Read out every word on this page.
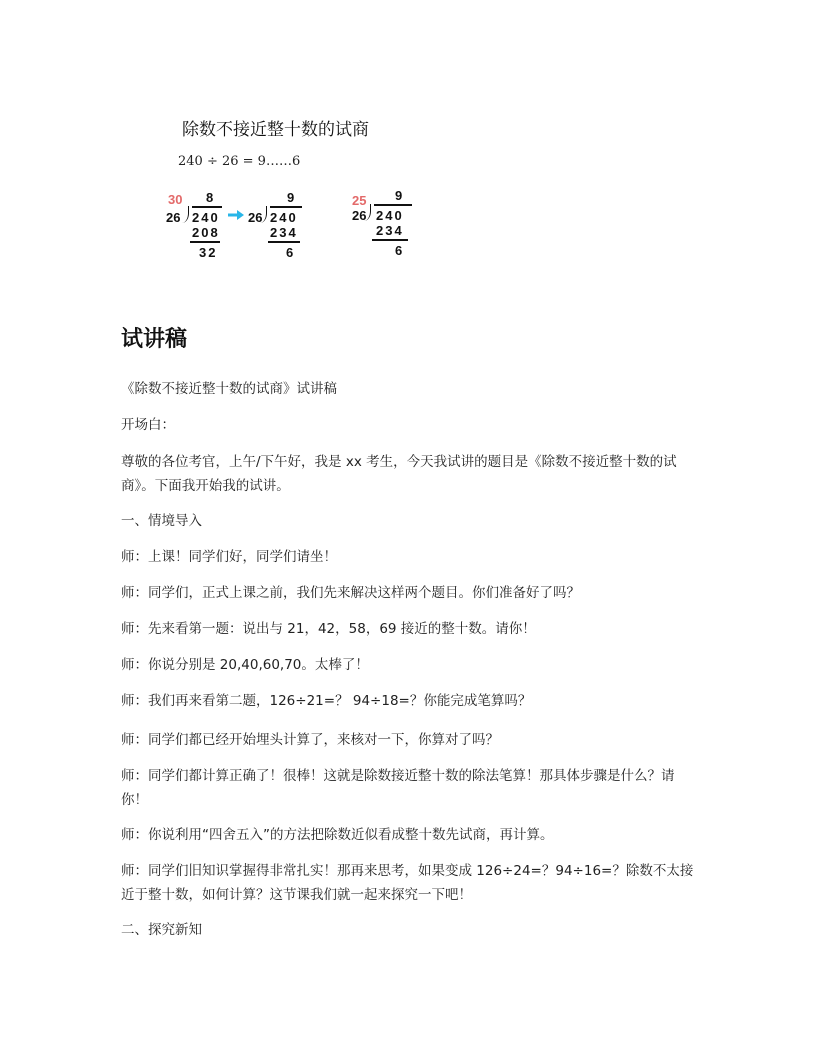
除数不接近整十数的试商
240 ÷ 26 = 9……6
30 8
26 240
208
32
9
26 240
234
6
25 9
26 240
234
6
试讲稿
《除数不接近整十数的试商》试讲稿
开场白：
尊敬的各位考官，上午/下午好，我是 xx 考生，今天我试讲的题目是《除数不接近整十数的试商》。下面我开始我的试讲。
一、情境导入
师：上课！同学们好，同学们请坐！
师：同学们，正式上课之前，我们先来解决这样两个题目。你们准备好了吗？
师：先来看第一题：说出与 21，42，58，69 接近的整十数。请你！
师：你说分别是 20,40,60,70。太棒了！
师：我们再来看第二题，126÷21=？ 94÷18=？你能完成笔算吗？
师：同学们都已经开始埋头计算了，来核对一下，你算对了吗？
师：同学们都计算正确了！很棒！这就是除数接近整十数的除法笔算！那具体步骤是什么？请你！
师：你说利用“四舍五入”的方法把除数近似看成整十数先试商，再计算。
师：同学们旧知识掌握得非常扎实！那再来思考，如果变成 126÷24=？94÷16=？除数不太接近于整十数，如何计算？这节课我们就一起来探究一下吧！
二、探究新知
